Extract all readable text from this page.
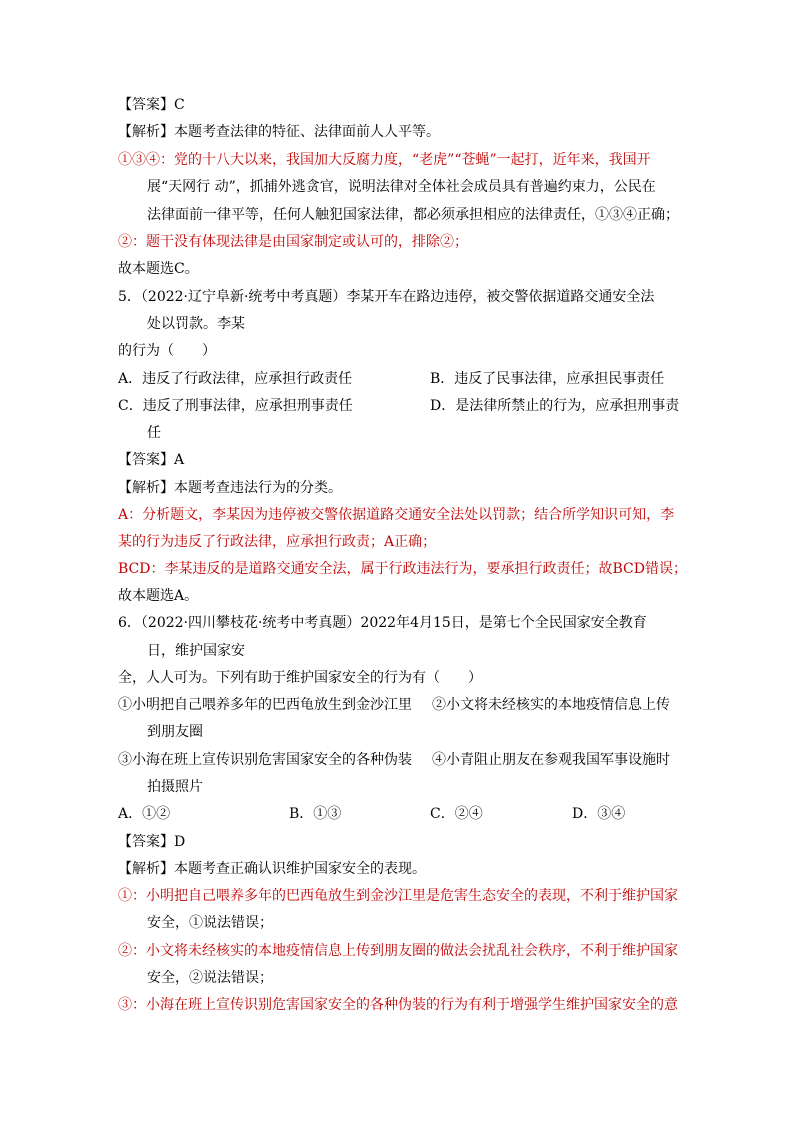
【答案】C
【解析】本题考查法律的特征、法律面前人人平等。
①③④：党的十八大以来，我国加大反腐力度，“老虎”“苍蝇”一起打，近年来，我国开
展“天网行 动”，抓捕外逃贪官，说明法律对全体社会成员具有普遍约束力，公民在
法律面前一律平等，任何人触犯国家法律，都必须承担相应的法律责任，①③④正确；
②：题干没有体现法律是由国家制定或认可的，排除②；
故本题选C。
5．（2022·辽宁阜新·统考中考真题）李某开车在路边违停，被交警依据道路交通安全法
处以罚款。李某
的行为（　　）
A．违反了行政法律，应承担行政责任	B．违反了民事法律，应承担民事责任
C．违反了刑事法律，应承担刑事责任	D．是法律所禁止的行为，应承担刑事责
任
【答案】A
【解析】本题考查违法行为的分类。
A：分析题文，李某因为违停被交警依据道路交通安全法处以罚款；结合所学知识可知，李
某的行为违反了行政法律，应承担行政责；A正确；
BCD：李某违反的是道路交通安全法，属于行政违法行为，要承担行政责任；故BCD错误；
故本题选A。
6．（2022·四川攀枝花·统考中考真题）2022年4月15日，是第七个全民国家安全教育
日，维护国家安
全，人人可为。下列有助于维护国家安全的行为有（　　）
①小明把自己喂养多年的巴西龟放生到金沙江里 ②小文将未经核实的本地疫情信息上传
到朋友圈
③小海在班上宣传识别危害国家安全的各种伪装 ④小青阻止朋友在参观我国军事设施时
拍摄照片
A．①②	B．①③	C．②④	D．③④
【答案】D
【解析】本题考查正确认识维护国家安全的表现。
①：小明把自己喂养多年的巴西龟放生到金沙江里是危害生态安全的表现，不利于维护国家
安全，①说法错误；
②：小文将未经核实的本地疫情信息上传到朋友圈的做法会扰乱社会秩序，不利于维护国家
安全，②说法错误；
③：小海在班上宣传识别危害国家安全的各种伪装的行为有利于增强学生维护国家安全的意
